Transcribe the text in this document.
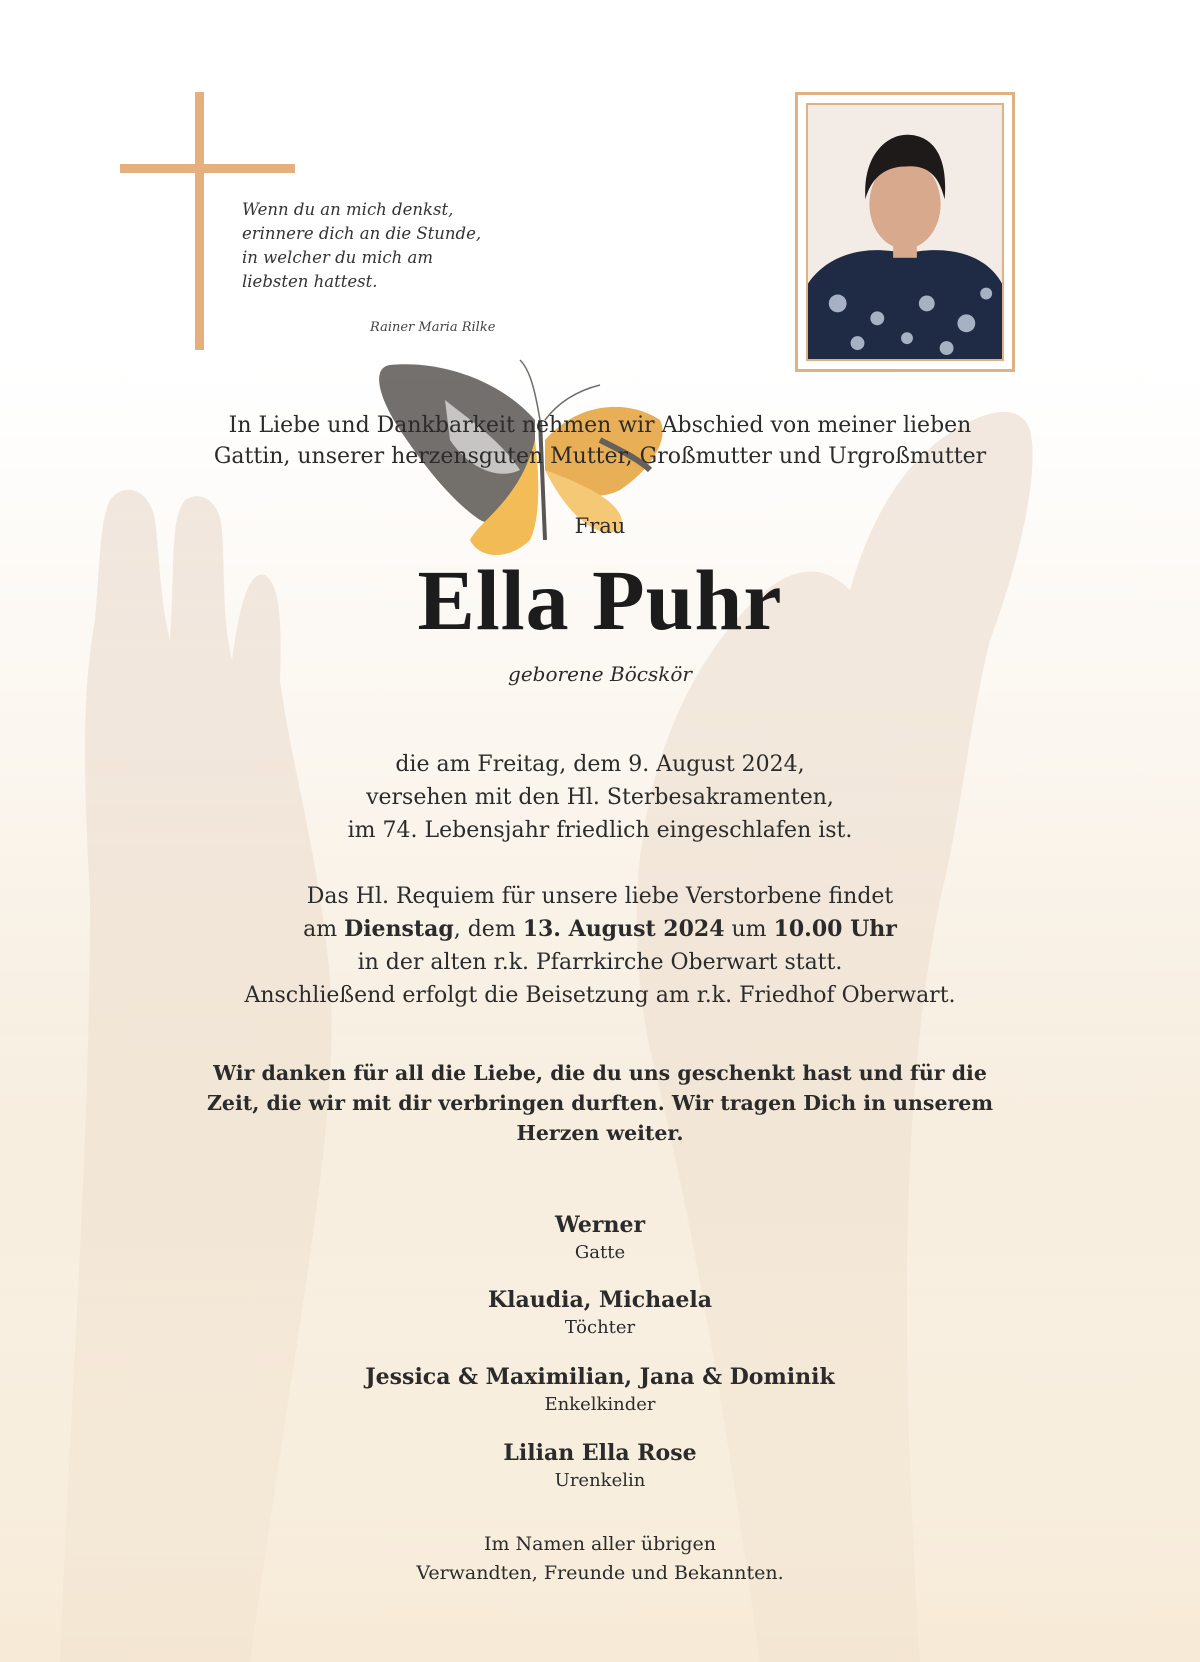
Wenn du an mich denkst,
erinnere dich an die Stunde,
in welcher du mich am
liebsten hattest.
Rainer Maria Rilke
In Liebe und Dankbarkeit nehmen wir Abschied von meiner lieben
Gattin, unserer herzensguten Mutter, Großmutter und Urgroßmutter
Frau
Ella Puhr
geborene Böcskör
die am Freitag, dem 9. August 2024,
versehen mit den Hl. Sterbesakramenten,
im 74. Lebensjahr friedlich eingeschlafen ist.
Das Hl. Requiem für unsere liebe Verstorbene findet
am Dienstag, dem 13. August 2024 um 10.00 Uhr
in der alten r.k. Pfarrkirche Oberwart statt.
Anschließend erfolgt die Beisetzung am r.k. Friedhof Oberwart.
Wir danken für all die Liebe, die du uns geschenkt hast und für die
Zeit, die wir mit dir verbringen durften. Wir tragen Dich in unserem
Herzen weiter.
Werner
Gatte
Klaudia, Michaela
Töchter
Jessica & Maximilian, Jana & Dominik
Enkelkinder
Lilian Ella Rose
Urenkelin
Im Namen aller übrigen
Verwandten, Freunde und Bekannten.
